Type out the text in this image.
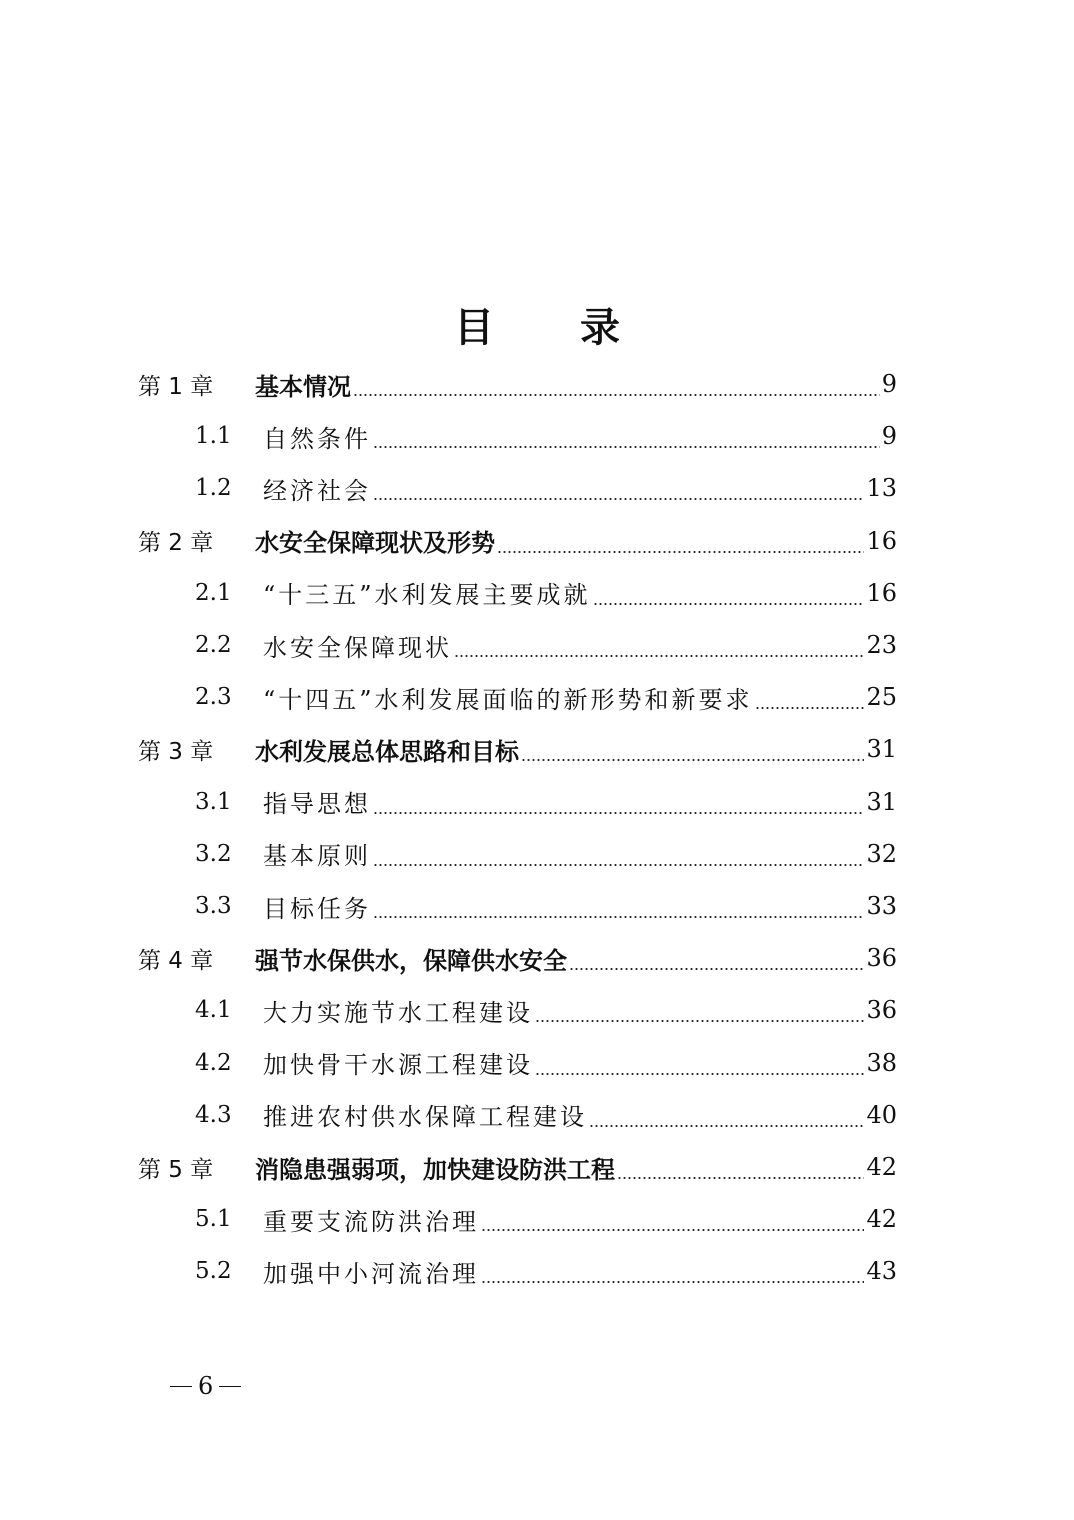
目 录
第 1 章	基本情况	9
1.1	自然条件	9
1.2	经济社会	13
第 2 章	水安全保障现状及形势	16
2.1	“十三五”水利发展主要成就	16
2.2	水安全保障现状	23
2.3	“十四五”水利发展面临的新形势和新要求	25
第 3 章	水利发展总体思路和目标	31
3.1	指导思想	31
3.2	基本原则	32
3.3	目标任务	33
第 4 章	强节水保供水，保障供水安全	36
4.1	大力实施节水工程建设	36
4.2	加快骨干水源工程建设	38
4.3	推进农村供水保障工程建设	40
第 5 章	消隐患强弱项，加快建设防洪工程	42
5.1	重要支流防洪治理	42
5.2	加强中小河流治理	43
6
